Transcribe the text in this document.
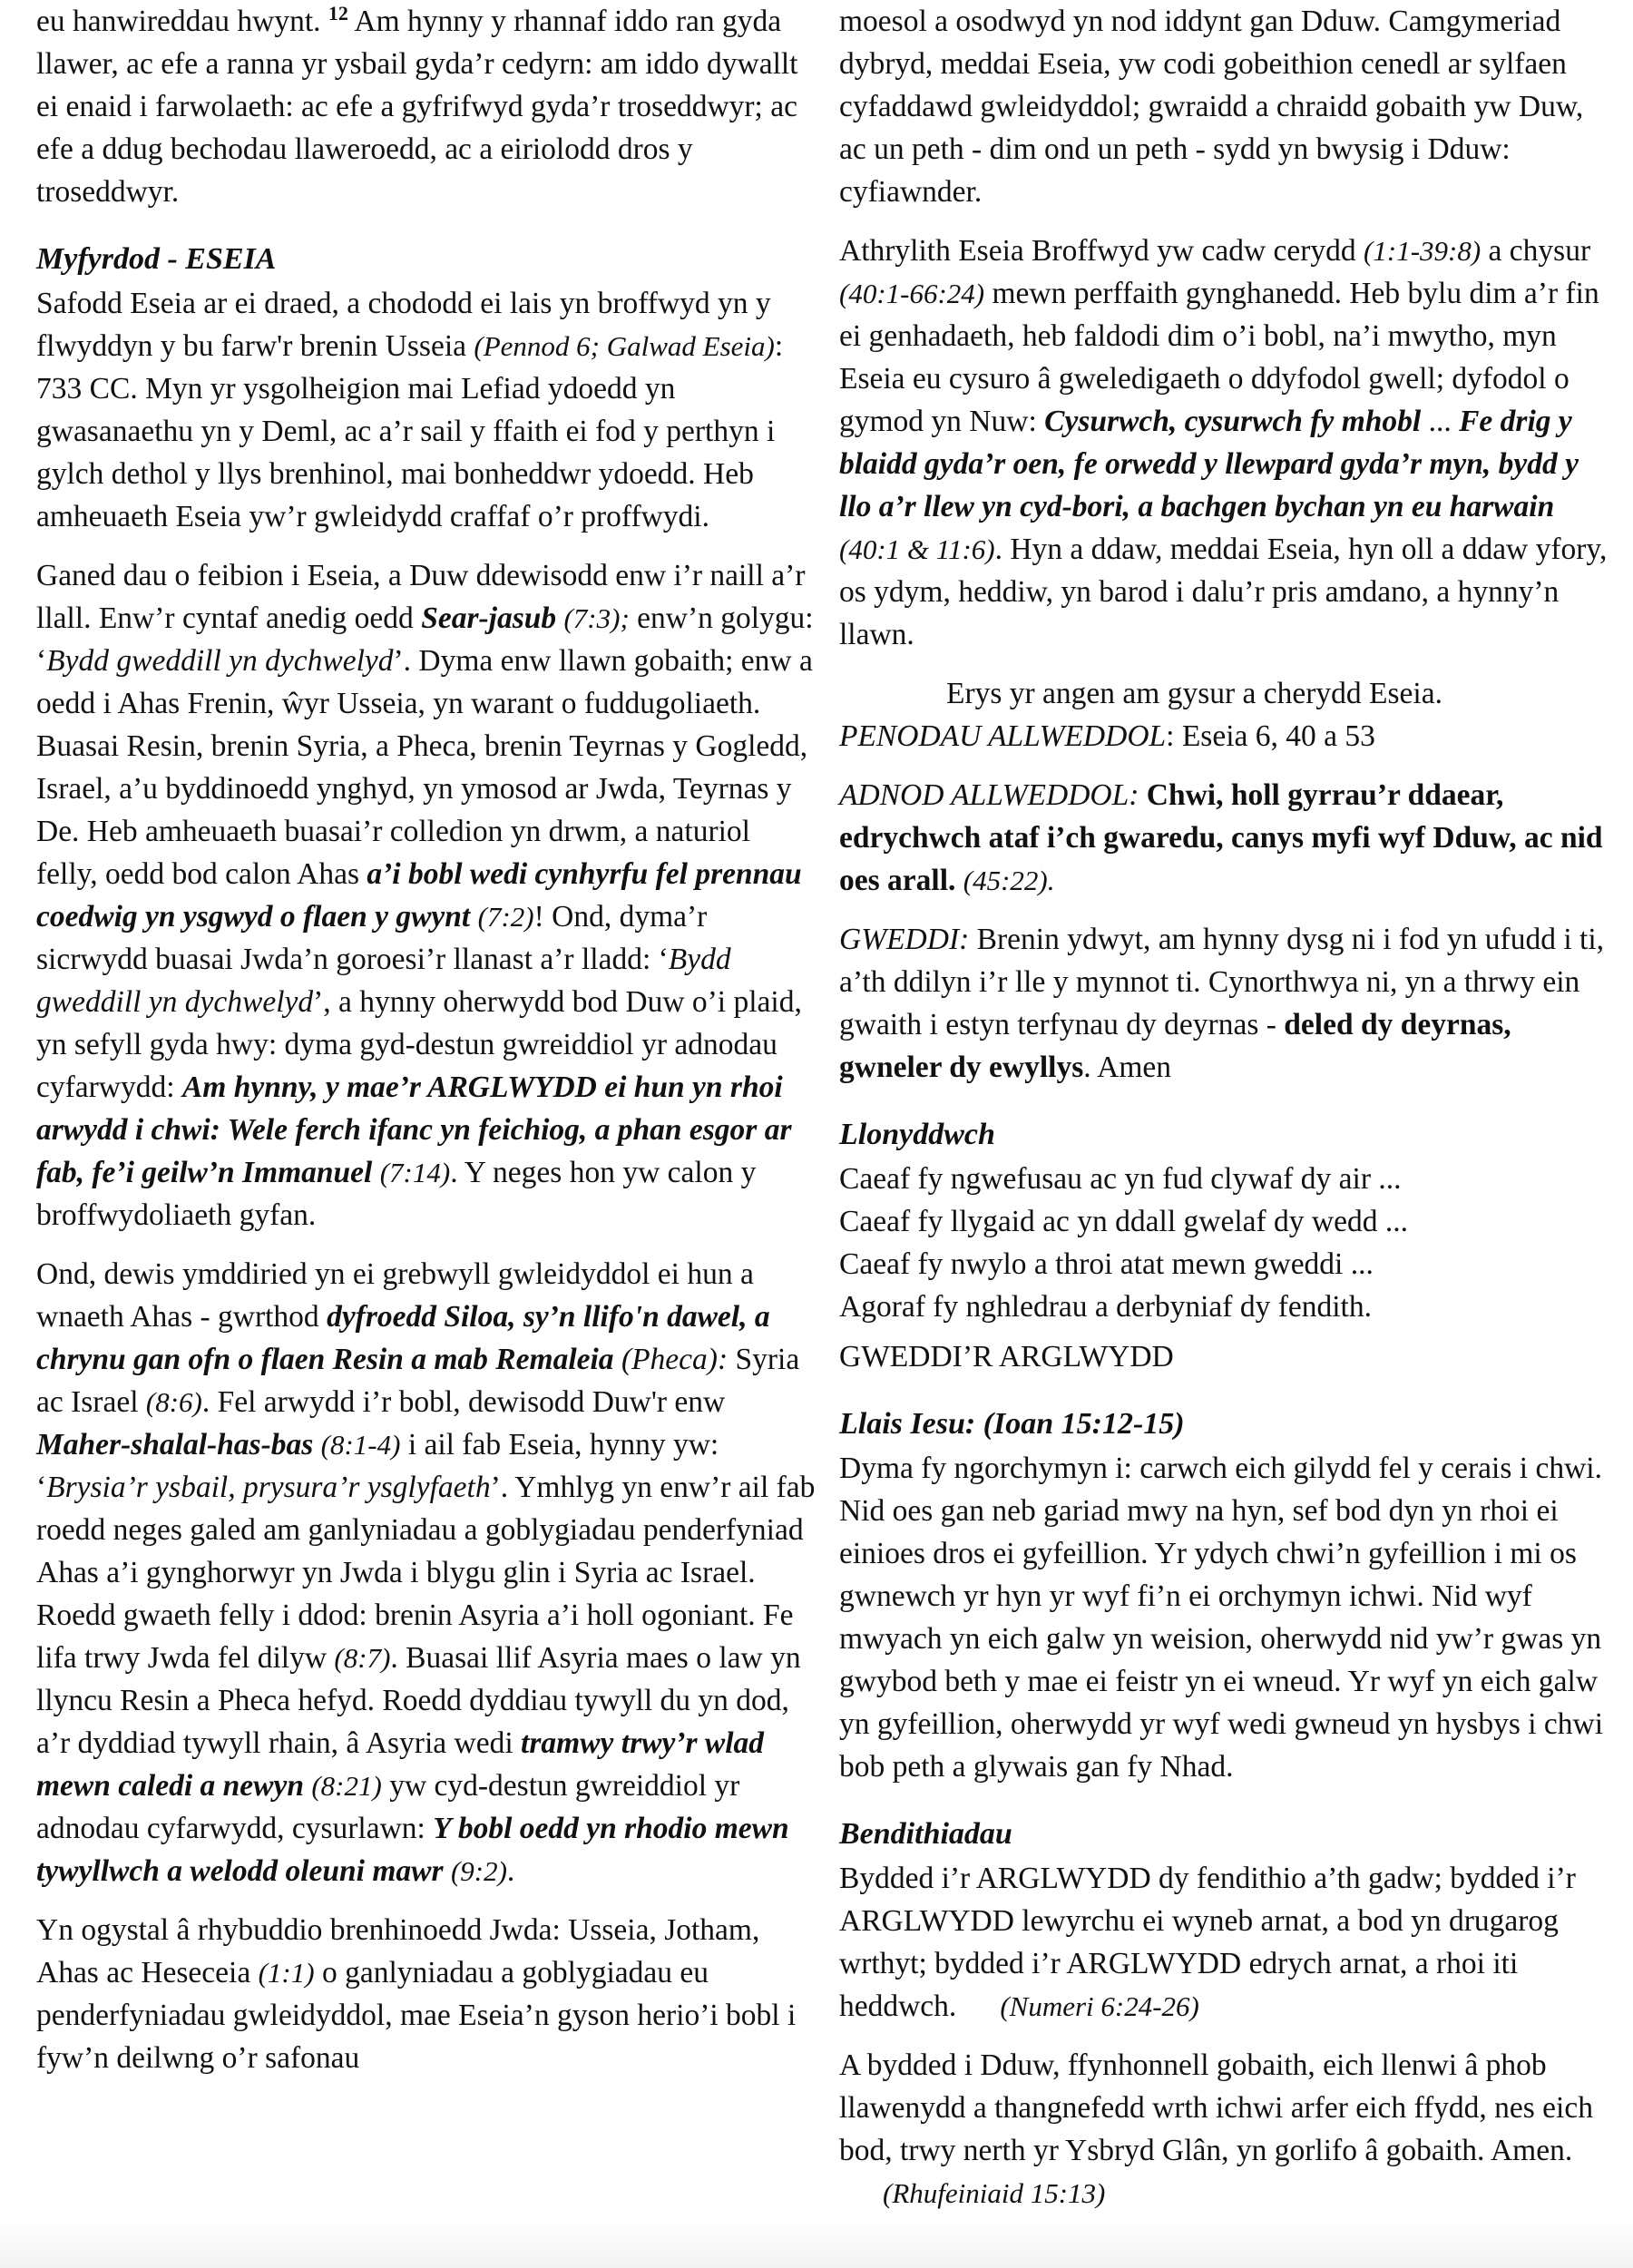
eu hanwireddau hwynt. $^{12}$ Am hynny y rhannaf iddo ran gyda llawer, ac efe a ranna yr ysbail gyda’r cedyrn: am iddo dywallt ei enaid i farwolaeth: ac efe a gyfrifwyd gyda’r troseddwyr; ac efe a ddug bechodau llaweroedd, ac a eiriolodd dros y troseddwyr.

Myfyrdod - ESEIA

Safodd Eseia ar ei draed, a chododd ei lais yn broffwyd yn y flwyddyn y bu farw'r brenin Usseia (Pennod 6; Galwad Eseia): 733 CC. Myn yr ysgolheigion mai Lefiad ydoedd yn gwasanaethu yn y Deml, ac a’r sail y ffaith ei fod y perthyn i gylch dethol y llys brenhinol, mai bonheddwr ydoedd. Heb amheuaeth Eseia yw’r gwleidydd craffaf o’r proffwydi.

Ganed dau o feibion i Eseia, a Duw ddewisodd enw i’r naill a’r llall. Enw’r cyntaf anedig oedd Sear-jasub (7:3); enw’n golygu: ‘Bydd gweddill yn dychwelyd’. Dyma enw llawn gobaith; enw a oedd i Ahas Frenin, ŵyr Usseia, yn warant o fuddugoliaeth. Buasai Resin, brenin Syria, a Pheca, brenin Teyrnas y Gogledd, Israel, a’u byddinoedd ynghyd, yn ymosod ar Jwda, Teyrnas y De. Heb amheuaeth buasai’r colledion yn drwm, a naturiol felly, oedd bod calon Ahas a’i bobl wedi cynhyrfu fel prennau coedwig yn ysgwyd o flaen y gwynt (7:2)! Ond, dyma’r sicrwydd buasai Jwda’n goroesi’r llanast a’r lladd: ‘Bydd gweddill yn dychwelyd’, a hynny oherwydd bod Duw o’i plaid, yn sefyll gyda hwy: dyma gyd-destun gwreiddiol yr adnodau cyfarwydd: Am hynny, y mae’r ARGLWYDD ei hun yn rhoi arwydd i chwi: Wele ferch ifanc yn feichiog, a phan esgor ar fab, fe’i geilw’n Immanuel (7:14). Y neges hon yw calon y broffwydoliaeth gyfan.

Ond, dewis ymddiried yn ei grebwyll gwleidyddol ei hun a wnaeth Ahas - gwrthod dyfroedd Siloa, sy’n llifo'n dawel, a chrynu gan ofn o flaen Resin a mab Remaleia (Pheca): Syria ac Israel (8:6). Fel arwydd i’r bobl, dewisodd Duw'r enw Maher-shalal-has-bas (8:1-4) i ail fab Eseia, hynny yw: ‘Brysia’r ysbail, prysura’r ysglyfaeth’. Ymhlyg yn enw’r ail fab roedd neges galed am ganlyniadau a goblygiadau penderfyniad Ahas a’i gynghorwyr yn Jwda i blygu glin i Syria ac Israel. Roedd gwaeth felly i ddod: brenin Asyria a’i holl ogoniant. Fe lifa trwy Jwda fel dilyw (8:7). Buasai llif Asyria maes o law yn llyncu Resin a Pheca hefyd. Roedd dyddiau tywyll du yn dod, a’r dyddiad tywyll rhain, â Asyria wedi tramwy trwy’r wlad mewn caledi a newyn (8:21) yw cyd-destun gwreiddiol yr adnodau cyfarwydd, cysurlawn: Y bobl oedd yn rhodio mewn tywyllwch a welodd oleuni mawr (9:2).

Yn ogystal â rhybuddio brenhinoedd Jwda: Usseia, Jotham, Ahas ac Heseceia (1:1) o ganlyniadau a goblygiadau eu penderfyniadau gwleidyddol, mae Eseia’n gyson herio’i bobl i fyw’n deilwng o’r safonau

moesol a osodwyd yn nod iddynt gan Dduw. Camgymeriad dybryd, meddai Eseia, yw codi gobeithion cenedl ar sylfaen cyfaddawd gwleidyddol; gwraidd a chraidd gobaith yw Duw, ac un peth - dim ond un peth - sydd yn bwysig i Dduw: cyfiawnder.

Athrylith Eseia Broffwyd yw cadw cerydd (1:1-39:8) a chysur (40:1-66:24) mewn perffaith gynghanedd. Heb bylu dim a’r fin ei genhadaeth, heb faldodi dim o’i bobl, na’i mwytho, myn Eseia eu cysuro â gweledigaeth o ddyfodol gwell; dyfodol o gymod yn Nuw: Cysurwch, cysurwch fy mhobl ... Fe drig y blaidd gyda’r oen, fe orwedd y llewpard gyda’r myn, bydd y llo a’r llew yn cyd-bori, a bachgen bychan yn eu harwain (40:1 & 11:6). Hyn a ddaw, meddai Eseia, hyn oll a ddaw yfory, os ydym, heddiw, yn barod i dalu’r pris amdano, a hynny’n llawn.

Erys yr angen am gysur a cherydd Eseia.

PENODAU ALLWEDDOL: Eseia 6, 40 a 53

ADNOD ALLWEDDOL: Chwi, holl gyrrau’r ddaear, edrychwch ataf i’ch gwaredu, canys myfi wyf Dduw, ac nid oes arall. (45:22).

GWEDDI: Brenin ydwyt, am hynny dysg ni i fod yn ufudd i ti, a’th ddilyn i’r lle y mynnot ti. Cynorthwya ni, yn a thrwy ein gwaith i estyn terfynau dy deyrnas - deled dy deyrnas, gwneler dy ewyllys. Amen

Llonyddwch

Caeaf fy ngwefusau ac yn fud clywaf dy air ...

Caeaf fy llygaid ac yn ddall gwelaf dy wedd ...

Caeaf fy nwylo a throi atat mewn gweddi ...

Agoraf fy nghledrau a derbyniaf dy fendith.

GWEDDI’R ARGLWYDD

Llais Iesu: (Ioan 15:12-15)

Dyma fy ngorchymyn i: carwch eich gilydd fel y cerais i chwi. Nid oes gan neb gariad mwy na hyn, sef bod dyn yn rhoi ei einioes dros ei gyfeillion. Yr ydych chwi’n gyfeillion i mi os gwnewch yr hyn yr wyf fi’n ei orchymyn ichwi. Nid wyf mwyach yn eich galw yn weision, oherwydd nid yw’r gwas yn gwybod beth y mae ei feistr yn ei wneud. Yr wyf yn eich galw yn gyfeillion, oherwydd yr wyf wedi gwneud yn hysbys i chwi bob peth a glywais gan fy Nhad.

Bendithiadau

Bydded i’r ARGLWYDD dy fendithio a’th gadw; bydded i’r ARGLWYDD lewyrchu ei wyneb arnat, a bod yn drugarog wrthyt; bydded i’r ARGLWYDD edrych arnat, a rhoi iti heddwch. (Numeri 6:24-26)

A bydded i Dduw, ffynhonnell gobaith, eich llenwi â phob llawenydd a thangnefedd wrth ichwi arfer eich ffydd, nes eich bod, trwy nerth yr Ysbryd Glân, yn gorlifo â gobaith. Amen.(Rhufeiniaid 15:13)
